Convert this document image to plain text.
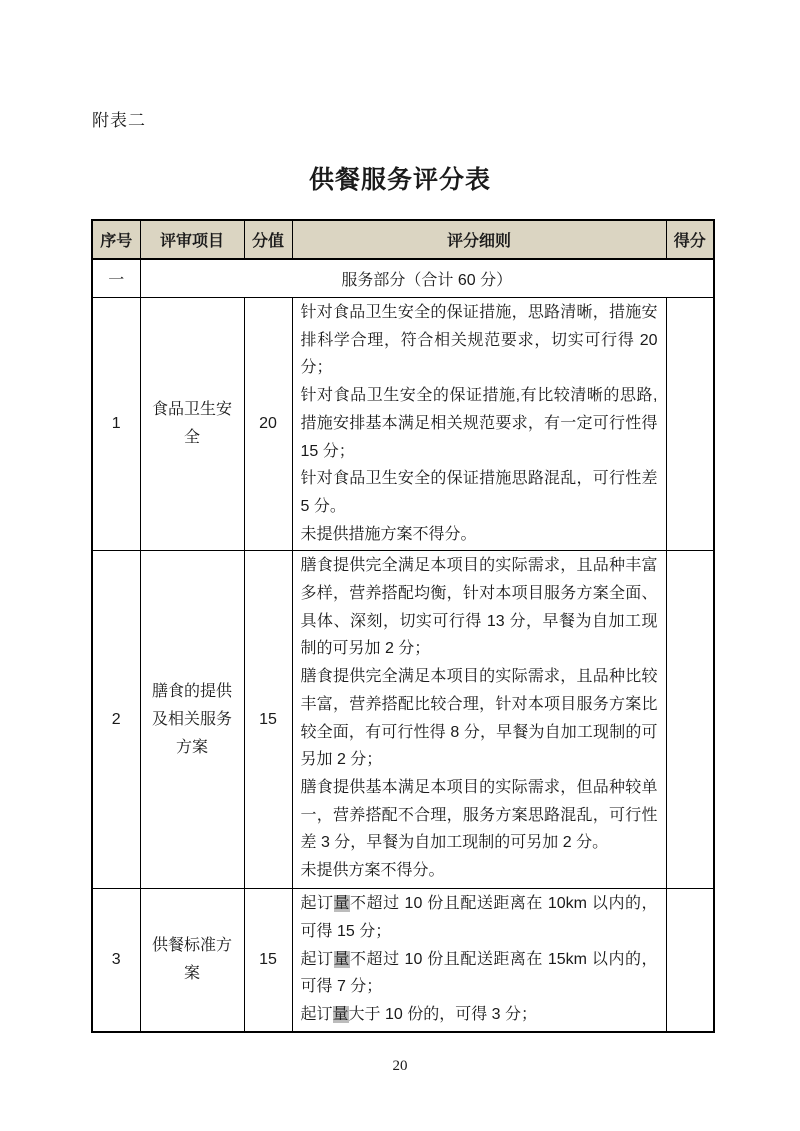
附表二
供餐服务评分表
序号	评审项目	分值	评分细则	得分
一	服务部分（合计 60 分）			
1	食品卫生安全	20	针对食品卫生安全的保证措施，思路清晰，措施安排科学合理，符合相关规范要求，切实可行得 20 分；

针对食品卫生安全的保证措施,有比较清晰的思路,措施安排基本满足相关规范要求，有一定可行性得 15 分；

针对食品卫生安全的保证措施思路混乱，可行性差 5 分。

未提供措施方案不得分。	

2	膳食的提供及相关服务方案	15	膳食提供完全满足本项目的实际需求，且品种丰富多样，营养搭配均衡，针对本项目服务方案全面、具体、深刻，切实可行得 13 分，早餐为自加工现制的可另加 2 分；

膳食提供完全满足本项目的实际需求，且品种比较丰富，营养搭配比较合理，针对本项目服务方案比较全面，有可行性得 8 分，早餐为自加工现制的可另加 2 分；

膳食提供基本满足本项目的实际需求，但品种较单一，营养搭配不合理，服务方案思路混乱，可行性差 3 分，早餐为自加工现制的可另加 2 分。

未提供方案不得分。	

3	供餐标准方案	15	起订量不超过 10 份且配送距离在 10km 以内的，可得 15 分；

起订量不超过 10 份且配送距离在 15km 以内的，可得 7 分；

起订量大于 10 份的，可得 3 分；	

20
